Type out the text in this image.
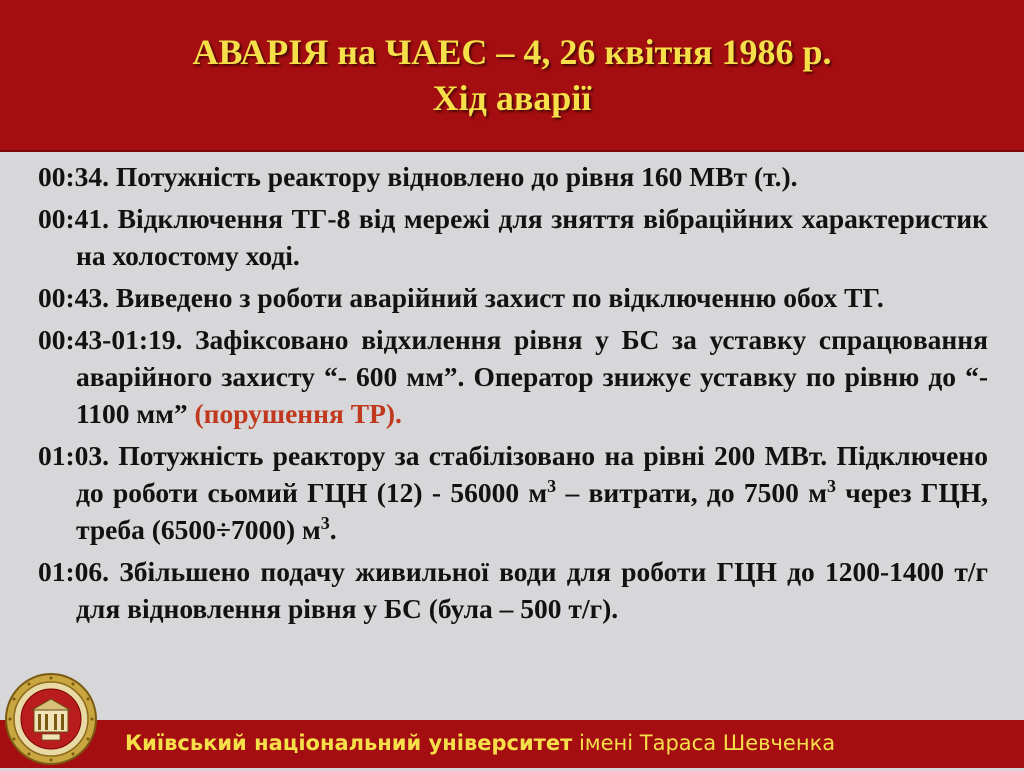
АВАРІЯ на ЧАЕС – 4, 26 квітня 1986 р.
Хід аварії

00:34. Потужність реактору відновлено до рівня 160 МВт (т.).

00:41. Відключення ТГ-8 від мережі для зняття вібраційних характеристик на холостому ході.

00:43. Виведено з роботи аварійний захист по відключенню обох ТГ.

00:43-01:19. Зафіксовано відхилення рівня у БС за уставку спрацювання аварійного захисту “- 600 мм”. Оператор знижує уставку по рівню до “- 1100 мм” (порушення ТР).

01:03. Потужність реактору за стабілізовано на рівні 200 МВт. Підключено до роботи сьомий ГЦН (12) - 56000 $м^3$ – витрати, до 7500 $м^3$ через ГЦН, треба (6500÷7000) $м^3$.

01:06. Збільшено подачу живильної води для роботи ГЦН до 1200-1400 т/г для відновлення рівня у БС (була – 500 т/г).

Київський національний університет імені Тараса Шевченка
